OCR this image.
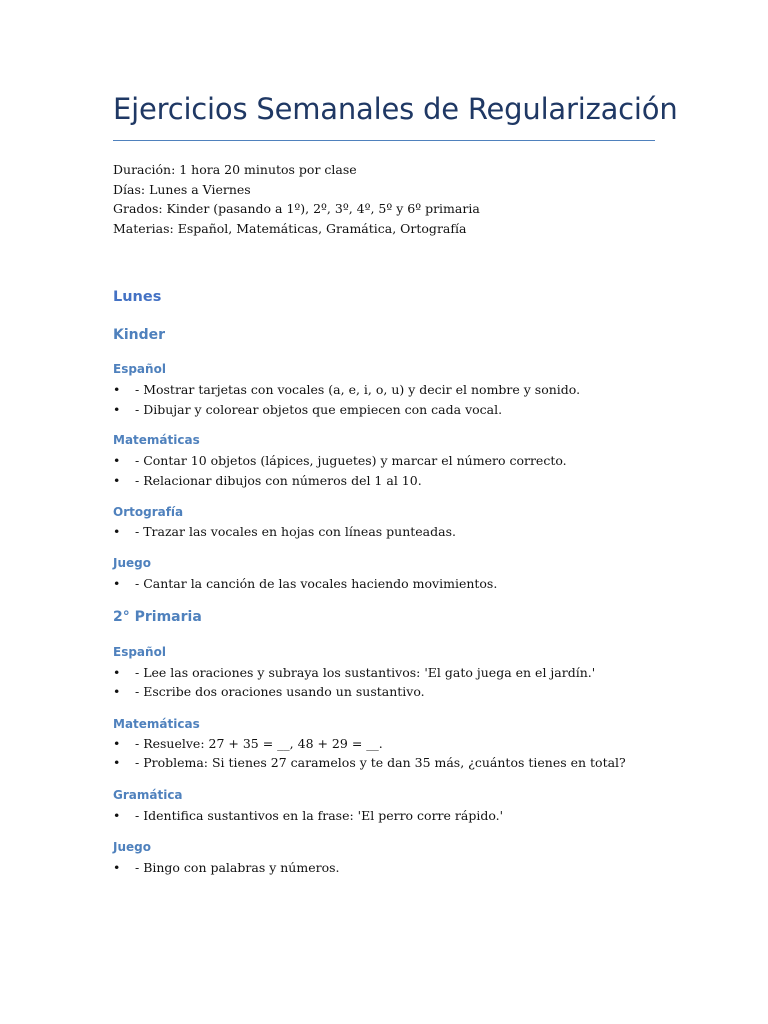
Ejercicios Semanales de Regularización
Duración: 1 hora 20 minutos por clase
Días: Lunes a Viernes
Grados: Kinder (pasando a 1º), 2º, 3º, 4º, 5º y 6º primaria
Materias: Español, Matemáticas, Gramática, Ortografía
Lunes
Kinder
Español
• - Mostrar tarjetas con vocales (a, e, i, o, u) y decir el nombre y sonido.
• - Dibujar y colorear objetos que empiecen con cada vocal.
Matemáticas
• - Contar 10 objetos (lápices, juguetes) y marcar el número correcto.
• - Relacionar dibujos con números del 1 al 10.
Ortografía
• - Trazar las vocales en hojas con líneas punteadas.
Juego
• - Cantar la canción de las vocales haciendo movimientos.
2° Primaria
Español
• - Lee las oraciones y subraya los sustantivos: 'El gato juega en el jardín.'
• - Escribe dos oraciones usando un sustantivo.
Matemáticas
• - Resuelve: 27 + 35 = __, 48 + 29 = __.
• - Problema: Si tienes 27 caramelos y te dan 35 más, ¿cuántos tienes en total?
Gramática
• - Identifica sustantivos en la frase: 'El perro corre rápido.'
Juego
• - Bingo con palabras y números.
